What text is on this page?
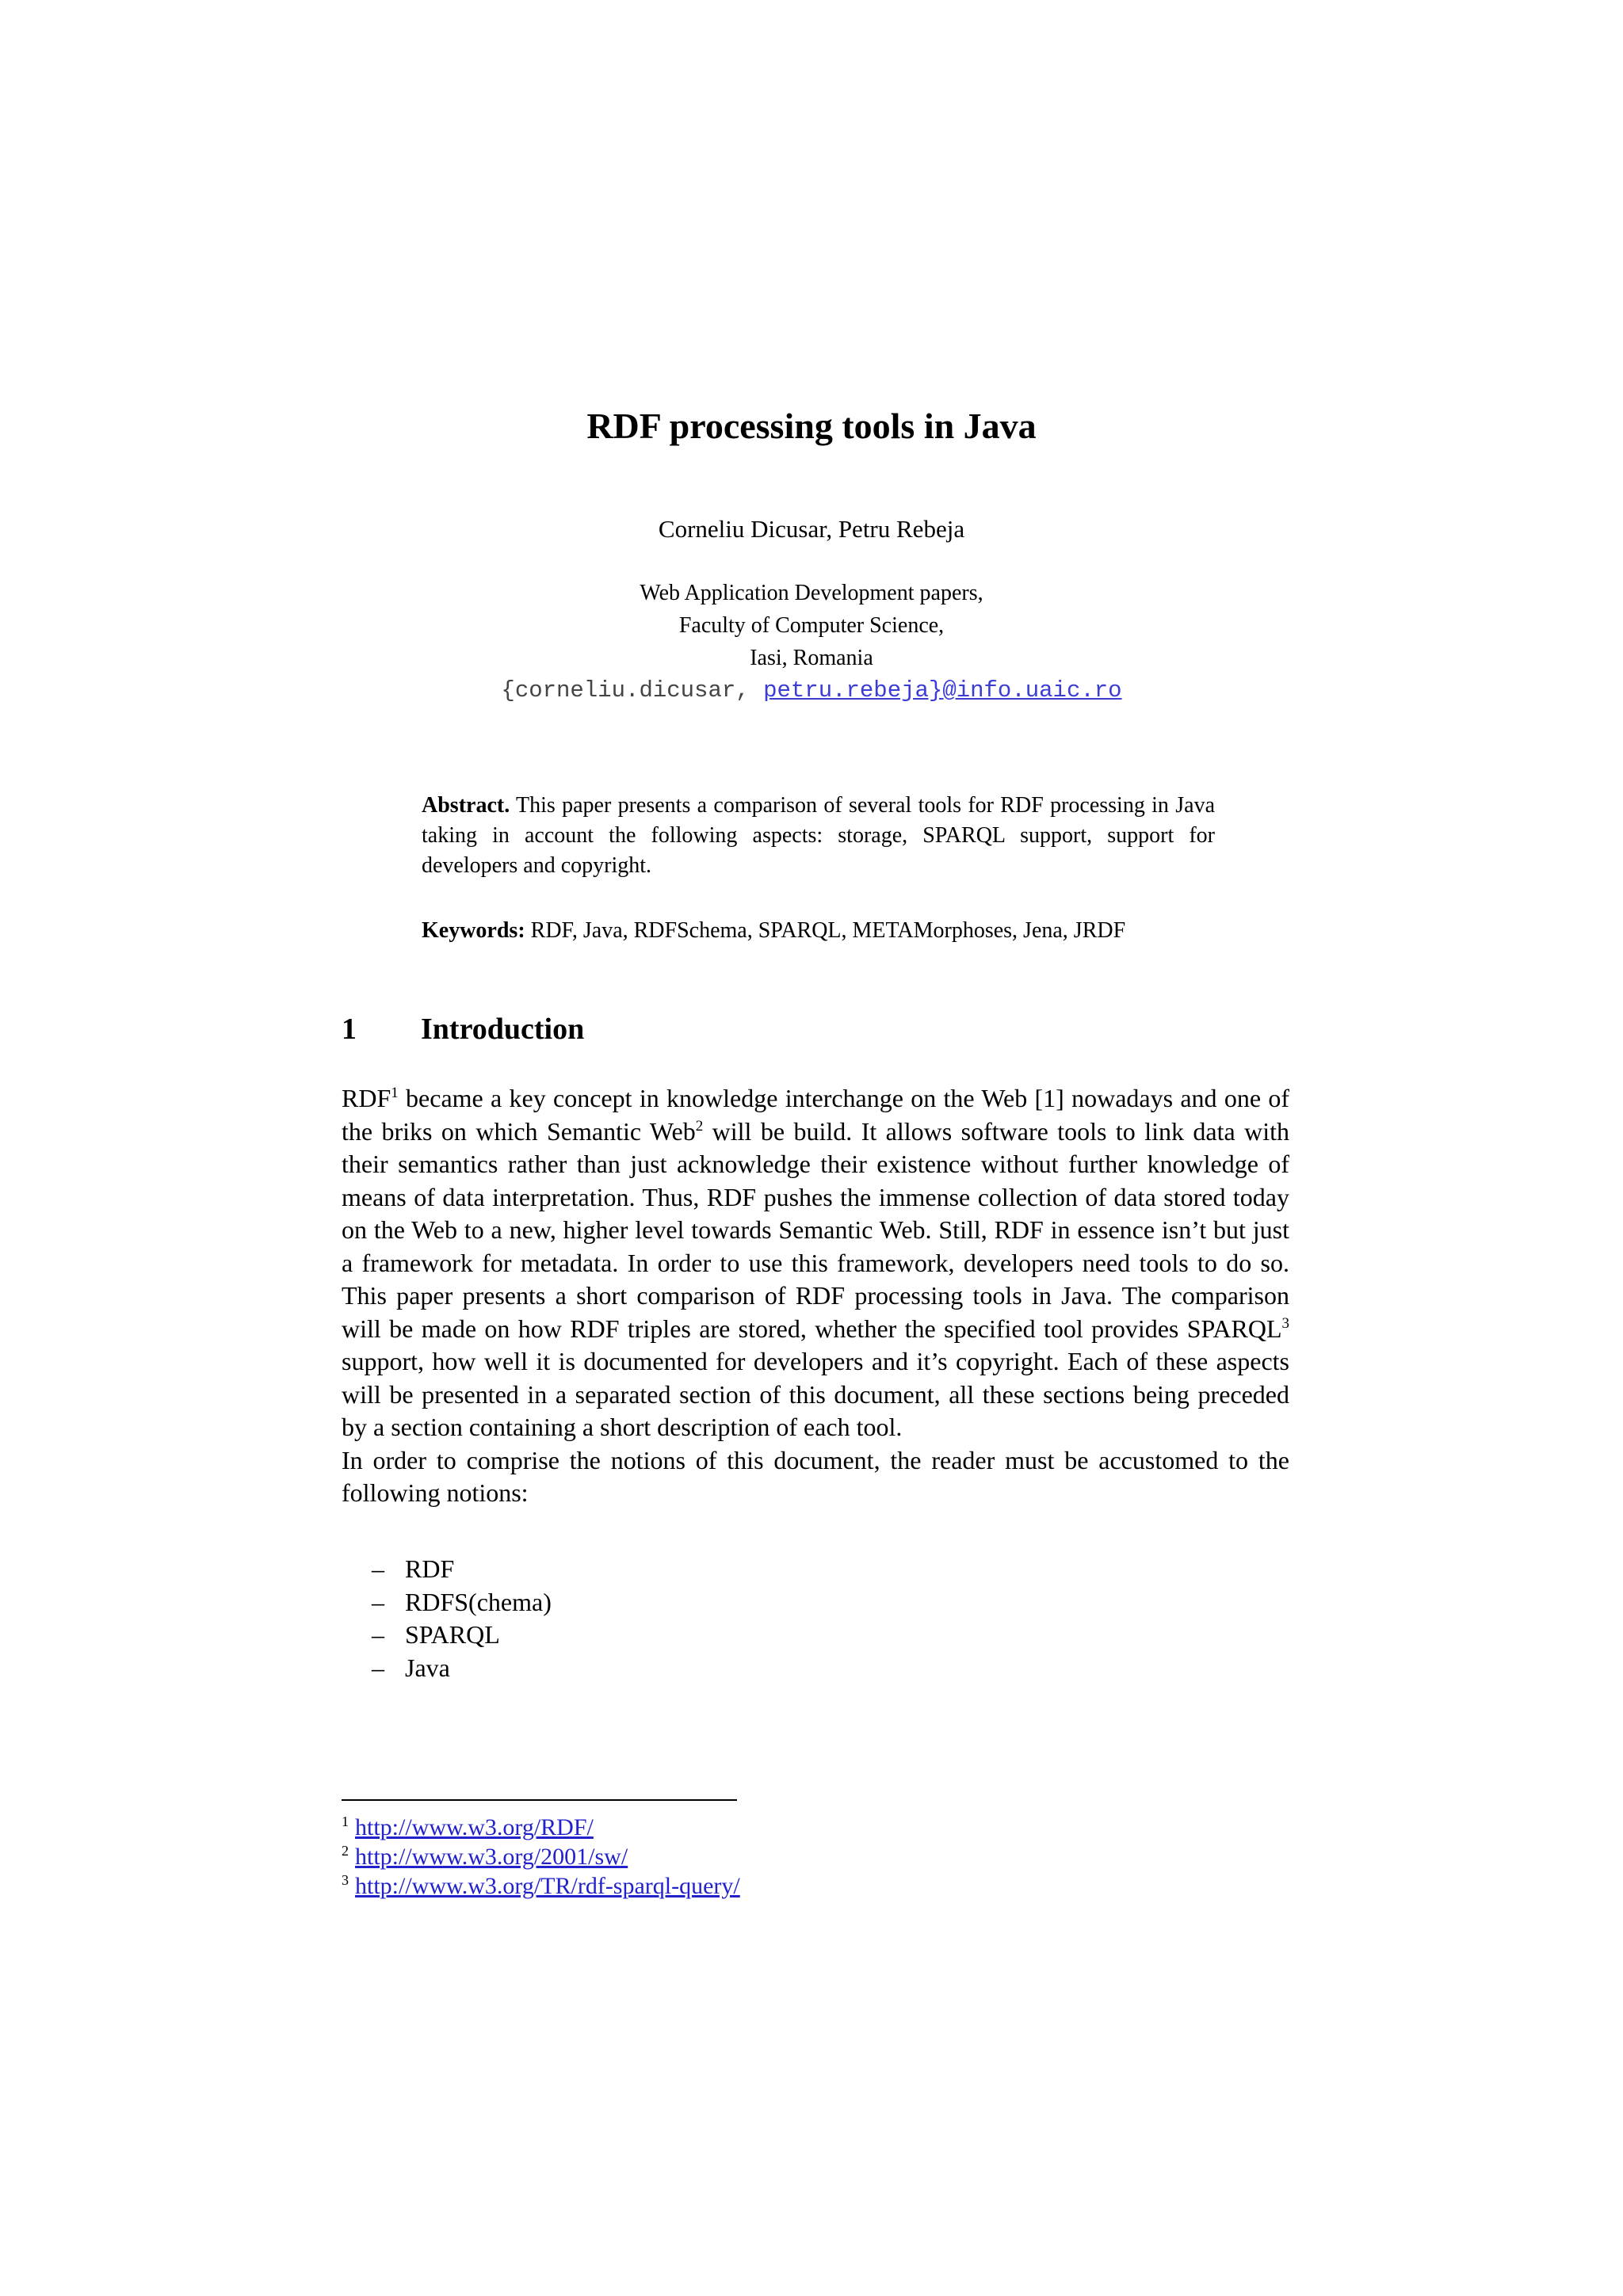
RDF processing tools in Java
Corneliu Dicusar, Petru Rebeja
Web Application Development papers,
Faculty of Computer Science,
Iasi, Romania
{corneliu.dicusar, petru.rebeja}@info.uaic.ro
Abstract. This paper presents a comparison of several tools for RDF processing in Java taking in account the following aspects: storage, SPARQL support, support for developers and copyright.
Keywords: RDF, Java, RDFSchema, SPARQL, METAMorphoses, Jena, JRDF
1 Introduction

RDF$^1$ became a key concept in knowledge interchange on the Web [1] nowadays and one of the briks on which Semantic Web$^2$ will be build. It allows software tools to link data with their semantics rather than just acknowledge their existence without further knowledge of means of data interpretation. Thus, RDF pushes the immense collection of data stored today on the Web to a new, higher level towards Semantic Web. Still, RDF in essence isn’t but just a framework for metadata. In order to use this framework, developers need tools to do so. This paper presents a short comparison of RDF processing tools in Java. The comparison will be made on how RDF triples are stored, whether the specified tool provides SPARQL$^3$ support, how well it is documented for developers and it’s copyright. Each of these aspects will be presented in a separated section of this document, all these sections being preceded by a section containing a short description of each tool.

In order to comprise the notions of this document, the reader must be accustomed to the following notions:

– RDF
– RDFS(chema)
– SPARQL
– Java
$^1$ http://www.w3.org/RDF/
$^2$ http://www.w3.org/2001/sw/
$^3$ http://www.w3.org/TR/rdf-sparql-query/
